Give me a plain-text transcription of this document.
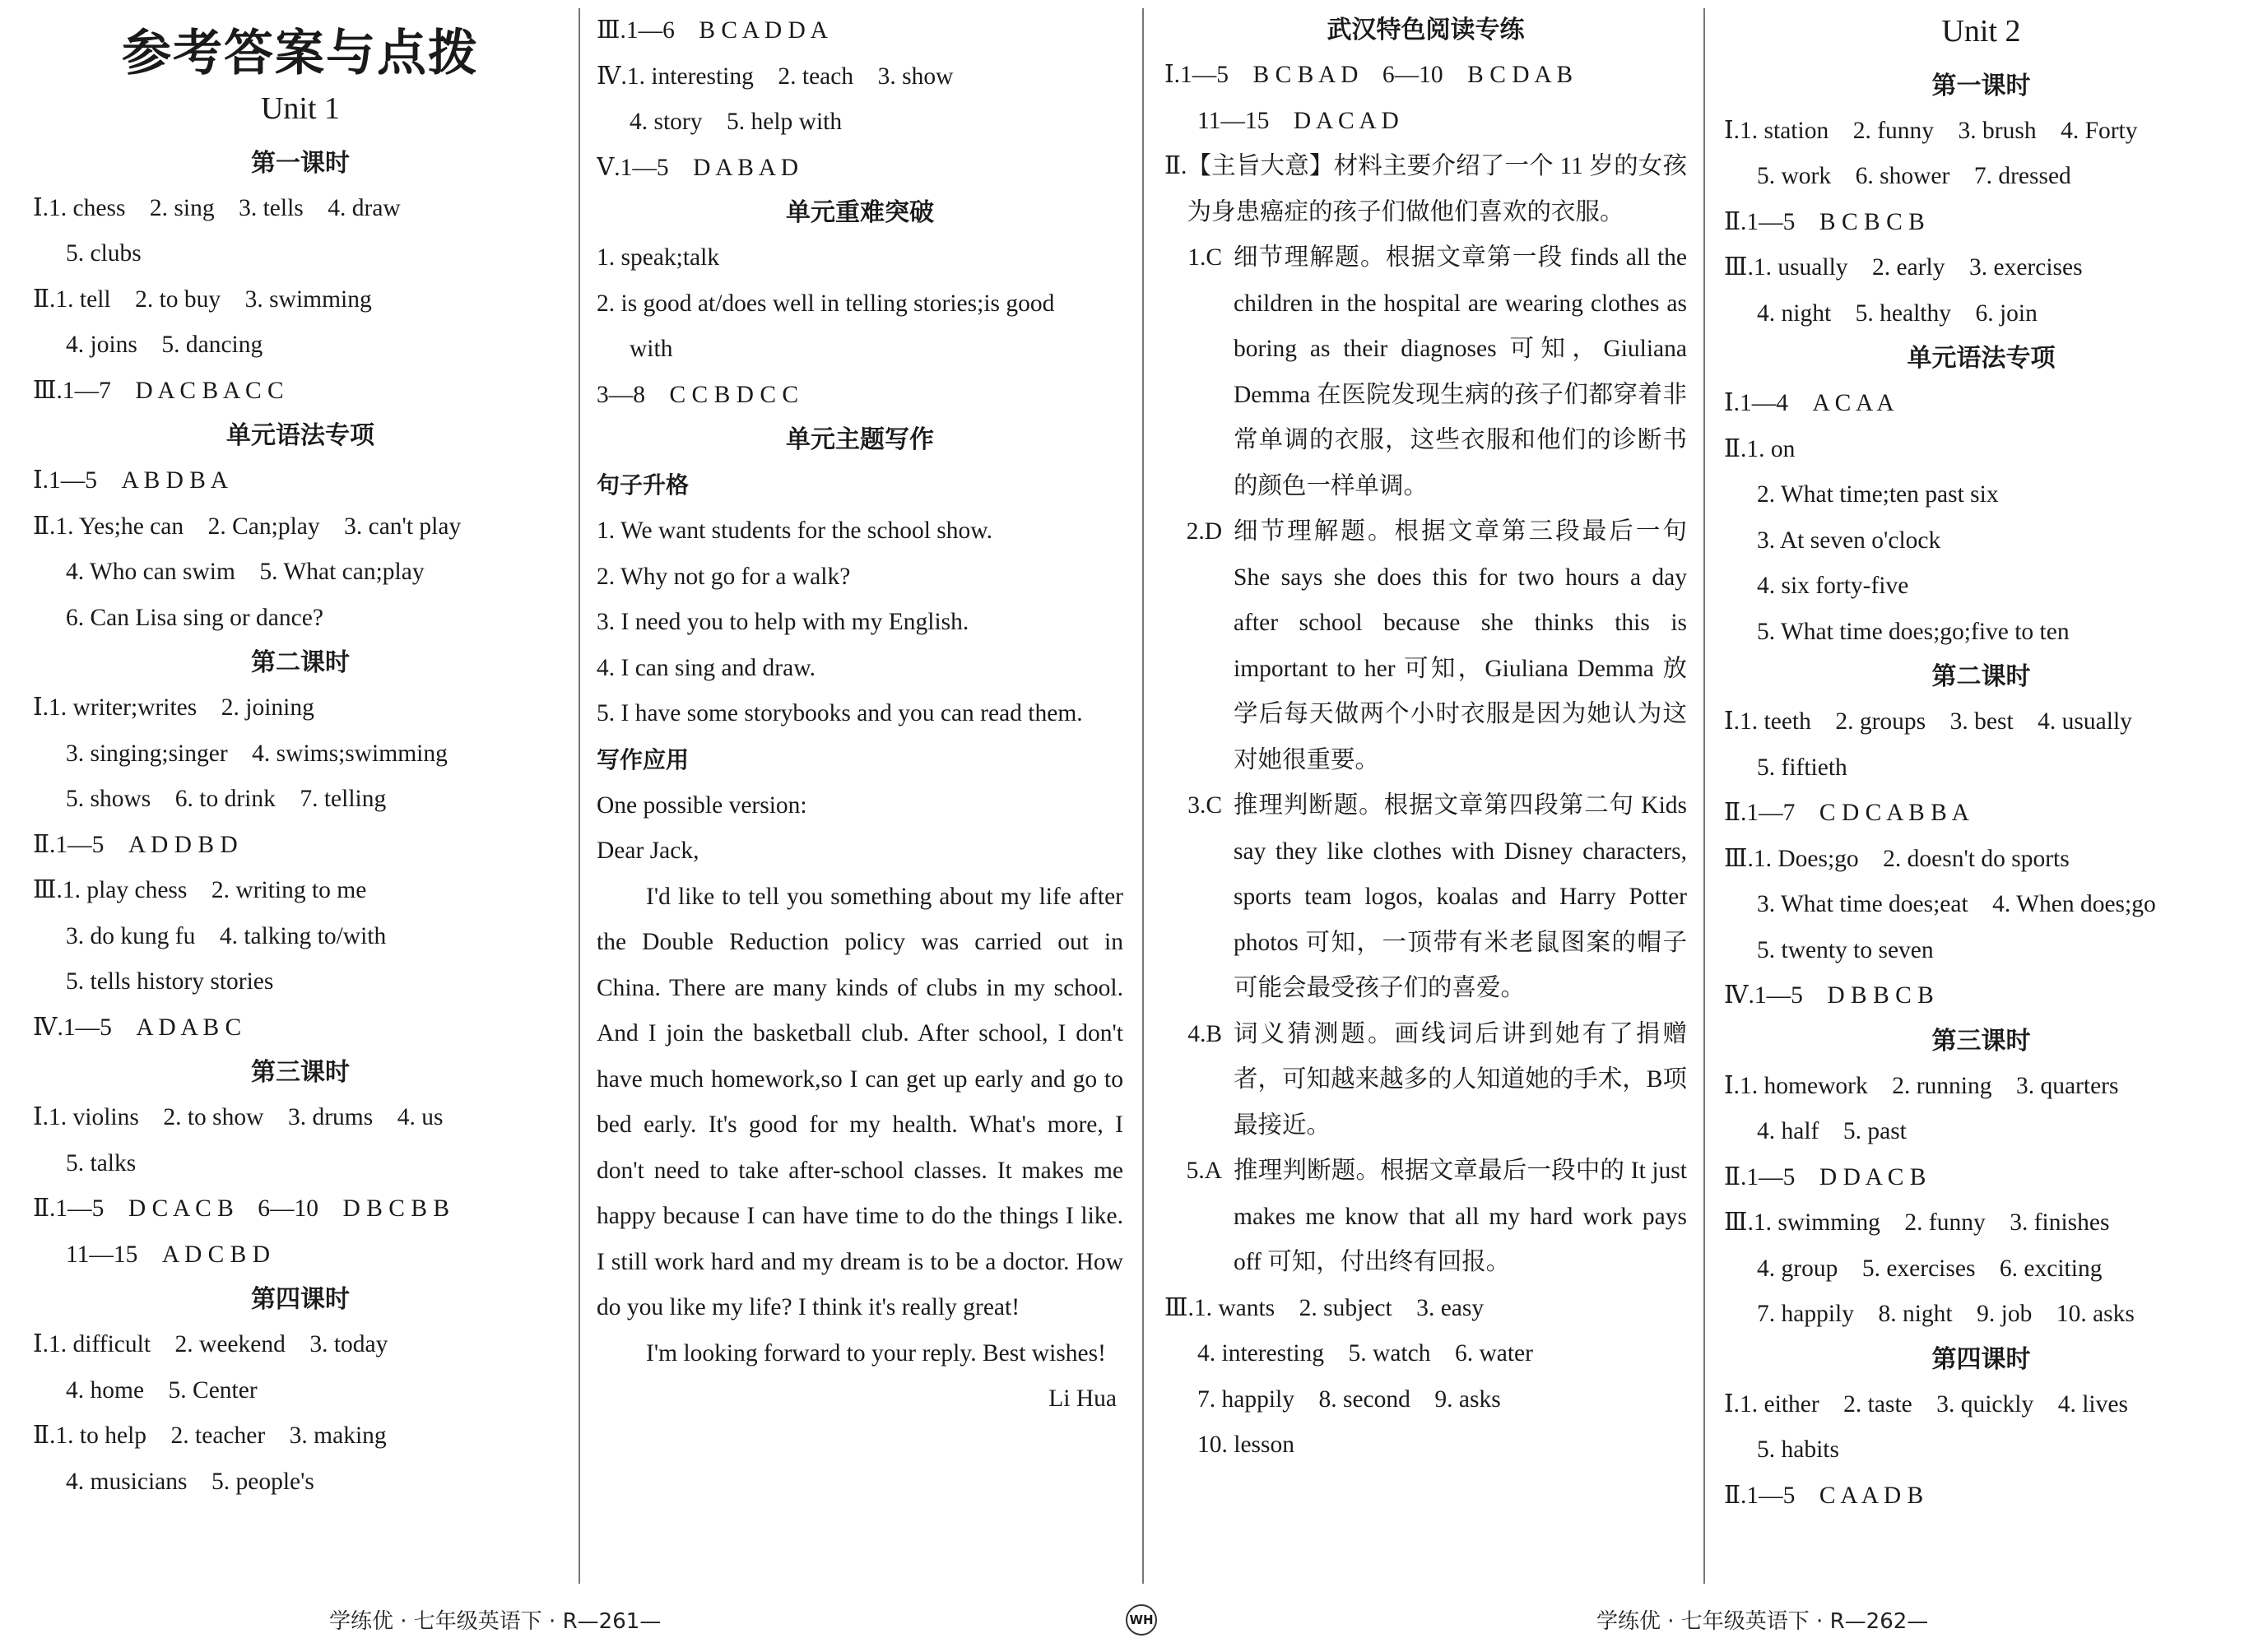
参考答案与点拨
Unit 1
第一课时
Ⅰ.1. chess　2. sing　3. tells　4. draw
5. clubs
Ⅱ.1. tell　2. to buy　3. swimming
4. joins　5. dancing
Ⅲ.1—7　D A C B A C C
单元语法专项
Ⅰ.1—5　A B D B A
Ⅱ.1. Yes;he can　2. Can;play　3. can't play
4. Who can swim　5. What can;play
6. Can Lisa sing or dance?
第二课时
Ⅰ.1. writer;writes　2. joining
3. singing;singer　4. swims;swimming
5. shows　6. to drink　7. telling
Ⅱ.1—5　A D D B D
Ⅲ.1. play chess　2. writing to me
3. do kung fu　4. talking to/with
5. tells history stories
Ⅳ.1—5　A D A B C
第三课时
Ⅰ.1. violins　2. to show　3. drums　4. us
5. talks
Ⅱ.1—5　D C A C B　6—10　D B C B B
11—15　A D C B D
第四课时
Ⅰ.1. difficult　2. weekend　3. today
4. home　5. Center
Ⅱ.1. to help　2. teacher　3. making
4. musicians　5. people's
Ⅲ.1—6　B C A D D A
Ⅳ.1. interesting　2. teach　3. show
4. story　5. help with
Ⅴ.1—5　D A B A D
单元重难突破
1. speak;talk
2. is good at/does well in telling stories;is good
with
3—8　C C B D C C
单元主题写作
句子升格
1. We want students for the school show.
2. Why not go for a walk?
3. I need you to help with my English.
4. I can sing and draw.
5. I have some storybooks and you can read them.
写作应用
One possible version:
Dear Jack,

I'd like to tell you something about my life after the Double Reduction policy was carried out in China. There are many kinds of clubs in my school. And I join the basketball club. After school, I don't have much homework,so I can get up early and go to bed early. It's good for my health. What's more, I don't need to take after-school classes. It makes me happy because I can have time to do the things I like. I still work hard and my dream is to be a doctor. How do you like my life? I think it's really great!

I'm looking forward to your reply. Best wishes!

Li Hua
武汉特色阅读专练
Ⅰ.1—5　B C B A D　6—10　B C D A B
11—15　D A C A D
Ⅱ. 【主旨大意】材料主要介绍了一个 11 岁的女孩为身患癌症的孩子们做他们喜欢的衣服。
1.C 细节理解题。根据文章第一段 finds all the children in the hospital are wearing clothes as boring as their diagnoses 可知，Giuliana Demma 在医院发现生病的孩子们都穿着非常单调的衣服，这些衣服和他们的诊断书的颜色一样单调。
2.D 细节理解题。根据文章第三段最后一句 She says she does this for two hours a day after school because she thinks this is important to her 可知，Giuliana Demma 放学后每天做两个小时衣服是因为她认为这对她很重要。
3.C 推理判断题。根据文章第四段第二句 Kids say they like clothes with Disney characters, sports team logos, koalas and Harry Potter photos 可知，一顶带有米老鼠图案的帽子可能会最受孩子们的喜爱。
4.B 词义猜测题。画线词后讲到她有了捐赠者，可知越来越多的人知道她的手术，B项最接近。
5.A 推理判断题。根据文章最后一段中的 It just makes me know that all my hard work pays off 可知，付出终有回报。
Ⅲ.1. wants　2. subject　3. easy
4. interesting　5. watch　6. water
7. happily　8. second　9. asks
10. lesson
Unit 2
第一课时
Ⅰ.1. station　2. funny　3. brush　4. Forty
5. work　6. shower　7. dressed
Ⅱ.1—5　B C B C B
Ⅲ.1. usually　2. early　3. exercises
4. night　5. healthy　6. join
单元语法专项
Ⅰ.1—4　A C A A
Ⅱ.1. on
2. What time;ten past six
3. At seven o'clock
4. six forty-five
5. What time does;go;five to ten
第二课时
Ⅰ.1. teeth　2. groups　3. best　4. usually
5. fiftieth
Ⅱ.1—7　C D C A B B A
Ⅲ.1. Does;go　2. doesn't do sports
3. What time does;eat　4. When does;go
5. twenty to seven
Ⅳ.1—5　D B B C B
第三课时
Ⅰ.1. homework　2. running　3. quarters
4. half　5. past
Ⅱ.1—5　D D A C B
Ⅲ.1. swimming　2. funny　3. finishes
4. group　5. exercises　6. exciting
7. happily　8. night　9. job　10. asks
第四课时
Ⅰ.1. either　2. taste　3. quickly　4. lives
5. habits
Ⅱ.1—5　C A A D B
学练优 · 七年级英语下 · R—261—	WH	学练优 · 七年级英语下 · R—262—
